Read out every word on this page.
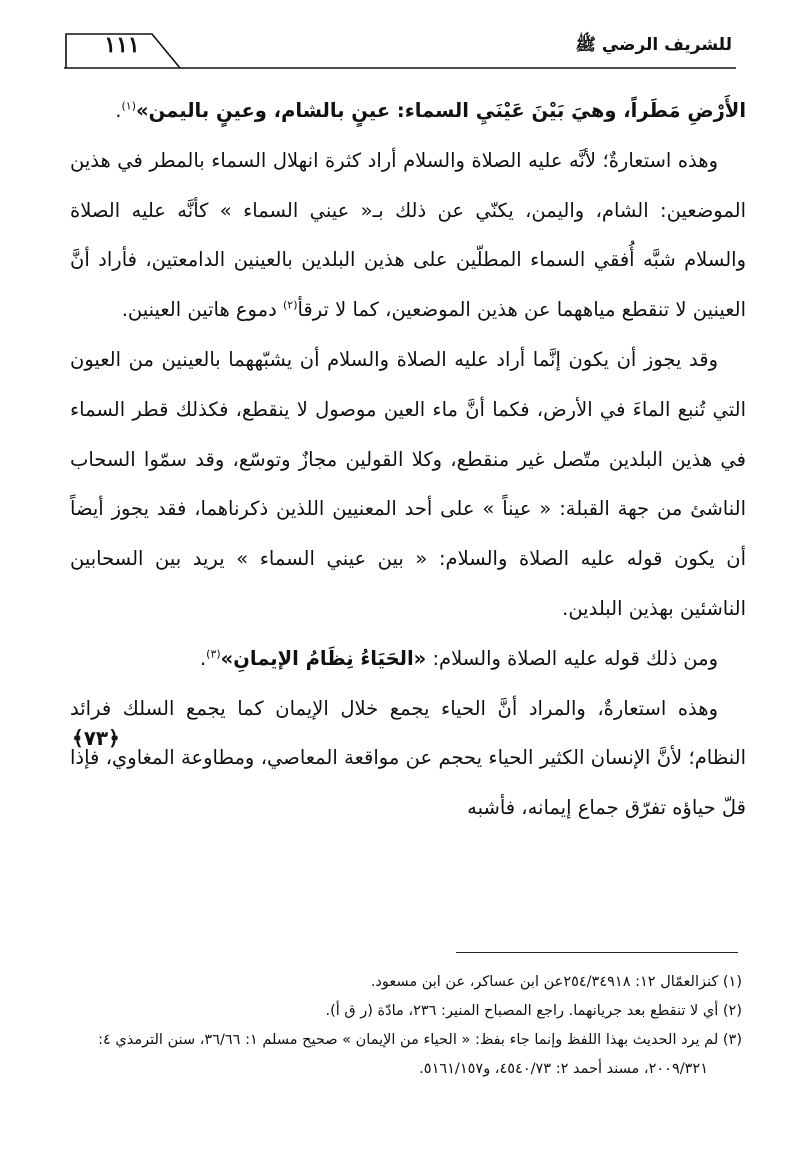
١١١	للشريف الرضي ﷺ

الأَرْضِ مَطَراً، وهيَ بَيْنَ عَيْنَيِ السماء: عينٍ بالشام، وعينٍ باليمن»$^{(١)}$.

وهذه استعارةٌ؛ لأنَّه عليه الصلاة والسلام أراد كثرة انهلال السماء بالمطر في هذين الموضعين: الشام، واليمن، يكنّي عن ذلك بـ« عيني السماء » كأنَّه عليه الصلاة والسلام شبَّه أُفقي السماء المطلّين على هذين البلدين بالعينين الدامعتين، فأراد أنَّ العينين لا تنقطع مياههما عن هذين الموضعين، كما لا ترقأ$^{(٢)}$ دموع هاتين العينين.

وقد يجوز أن يكون إنَّما أراد عليه الصلاة والسلام أن يشبّههما بالعينين من العيون التي تُنبع الماءَ في الأرض، فكما أنَّ ماء العين موصول لا ينقطع، فكذلك قطر السماء في هذين البلدين متّصل غير منقطع، وكلا القولين مجازٌ وتوسّع، وقد سمّوا السحاب الناشئ من جهة القبلة: « عيناً » على أحد المعنيين اللذين ذكرناهما، فقد يجوز أيضاً أن يكون قوله عليه الصلاة والسلام: « بين عيني السماء » يريد بين السحابين الناشئين بهذين البلدين.

ومن ذلك قوله عليه الصلاة والسلام: «الحَيَاءُ نِظَامُ الإيمانِ»$^{(٣)}$.

وهذه استعارةٌ، والمراد أنَّ الحياء يجمع خلال الإيمان كما يجمع السلك فرائد النظام؛ لأنَّ الإنسان الكثير الحياء يحجم عن مواقعة المعاصي، ومطاوعة المغاوي، فإذا قلّ حياؤه تفرّق جماع إيمانه، فأشبه

﴿٧٣﴾

(١) كنزالعمّال ١٢: ٢٥٤/٣٤٩١٨عن ابن عساكر، عن ابن مسعود.

(٢) أي لا تنقطع بعد جريانهما. راجع المصباح المنير: ٢٣٦، مادّة (ر ق أ).

(٣) لم يرد الحديث بهذا اللفظ وإنما جاء بفظ: « الحياء من الإيمان » صحيح مسلم ١: ٣٦/٦٦، سنن الترمذي ٤: ٢٠٠٩/٣٢١، مسند أحمد ٢: ٤٥٤٠/٧٣، و٥١٦١/١٥٧.
